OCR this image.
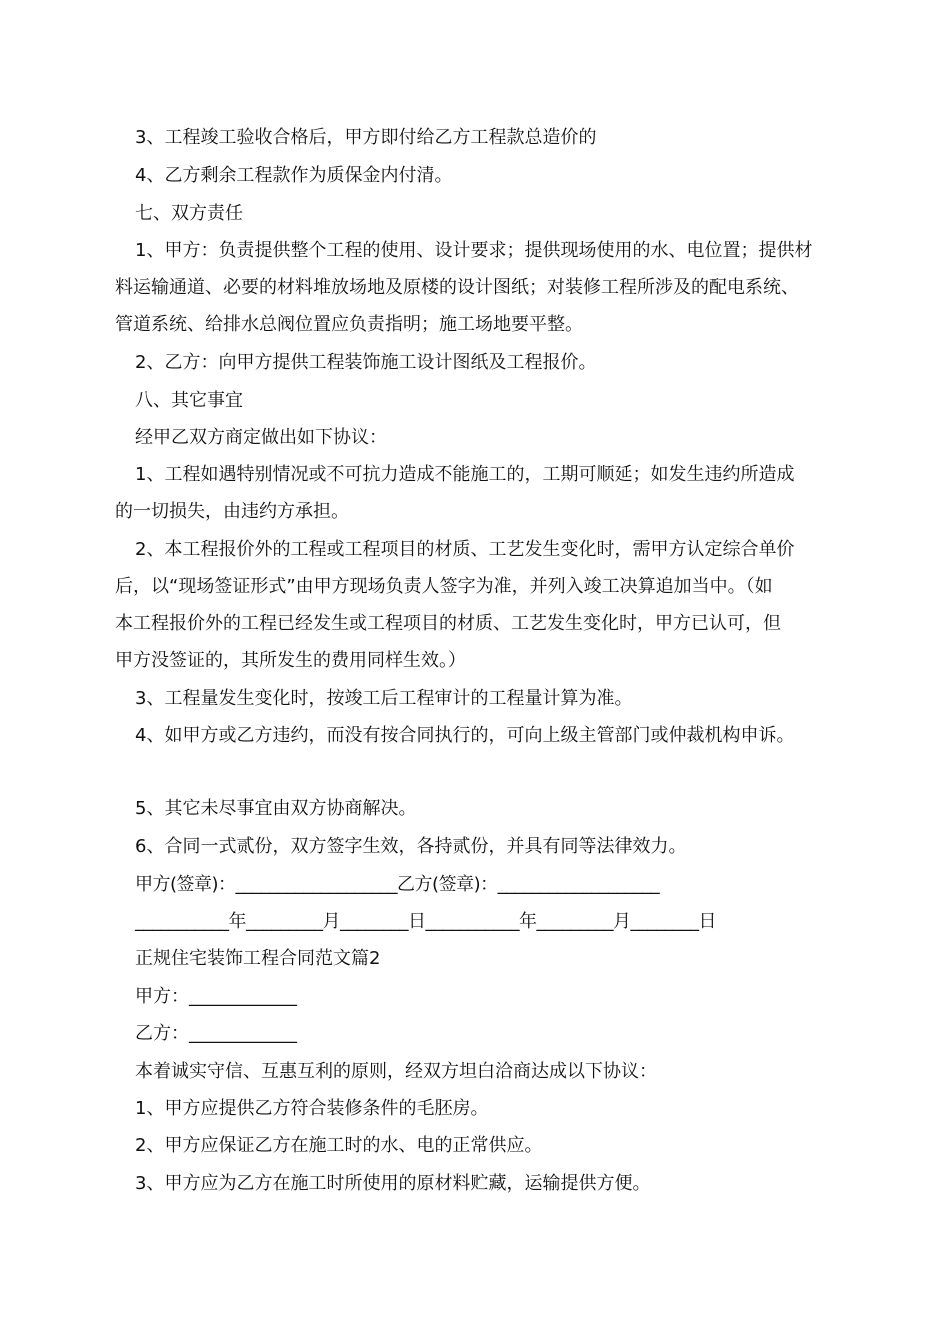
3、工程竣工验收合格后，甲方即付给乙方工程款总造价的
4、乙方剩余工程款作为质保金内付清。
七、双方责任
1、甲方：负责提供整个工程的使用、设计要求；提供现场使用的水、电位置；提供材
料运输通道、必要的材料堆放场地及原楼的设计图纸；对装修工程所涉及的配电系统、
管道系统、给排水总阀位置应负责指明；施工场地要平整。
2、乙方：向甲方提供工程装饰施工设计图纸及工程报价。
八、其它事宜
经甲乙双方商定做出如下协议：
1、工程如遇特别情况或不可抗力造成不能施工的，工期可顺延；如发生违约所造成
的一切损失，由违约方承担。
2、本工程报价外的工程或工程项目的材质、工艺发生变化时，需甲方认定综合单价
后，以“现场签证形式”由甲方现场负责人签字为准，并列入竣工决算追加当中。（如
本工程报价外的工程已经发生或工程项目的材质、工艺发生变化时，甲方已认可，但
甲方没签证的，其所发生的费用同样生效。）
3、工程量发生变化时，按竣工后工程审计的工程量计算为准。
4、如甲方或乙方违约，而没有按合同执行的，可向上级主管部门或仲裁机构申诉。
5、其它未尽事宜由双方协商解决。
6、合同一式贰份，双方签字生效，各持贰份，并具有同等法律效力。
甲方(签章)：___________________乙方(签章)：___________________
___________年_________月________日___________年_________月________日
正规住宅装饰工程合同范文篇2
甲方：____________
乙方：____________
本着诚实守信、互惠互利的原则，经双方坦白洽商达成以下协议：
1、甲方应提供乙方符合装修条件的毛胚房。
2、甲方应保证乙方在施工时的水、电的正常供应。
3、甲方应为乙方在施工时所使用的原材料贮藏，运输提供方便。
